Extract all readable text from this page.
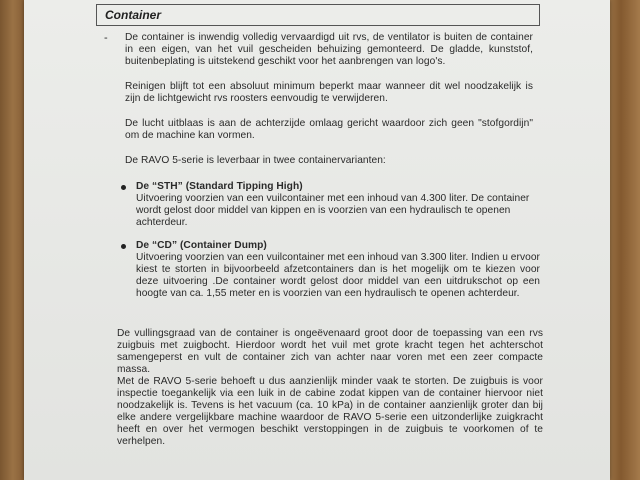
Container
- De container is inwendig volledig vervaardigd uit rvs, de ventilator is buiten de container in een eigen, van het vuil gescheiden behuizing gemonteerd. De gladde, kunststof, buitenbeplating is uitstekend geschikt voor het aanbrengen van logo's.
Reinigen blijft tot een absoluut minimum beperkt maar wanneer dit wel noodzakelijk is zijn de lichtgewicht rvs roosters eenvoudig te verwijderen.
De lucht uitblaas is aan de achterzijde omlaag gericht waardoor zich geen "stofgordijn" om de machine kan vormen.
De RAVO 5-serie is leverbaar in twee containervarianten:
De “STH” (Standard Tipping High)
Uitvoering voorzien van een vuilcontainer met een inhoud van 4.300 liter. De container wordt gelost door middel van kippen en is voorzien van een hydraulisch te openen achterdeur.
De “CD” (Container Dump)
Uitvoering voorzien van een vuilcontainer met een inhoud van 3.300 liter. Indien u ervoor kiest te storten in bijvoorbeeld afzetcontainers dan is het mogelijk om te kiezen voor deze uitvoering .De container wordt gelost door middel van een uitdrukschot op een hoogte van ca. 1,55 meter en is voorzien van een hydraulisch te openen achterdeur.
De vullingsgraad van de container is ongeëvenaard groot door de toepassing van een rvs zuigbuis met zuigbocht. Hierdoor wordt het vuil met grote kracht tegen het achterschot samengeperst en vult de container zich van achter naar voren met een zeer compacte massa.
Met de RAVO 5-serie behoeft u dus aanzienlijk minder vaak te storten. De zuigbuis is voor inspectie toegankelijk via een luik in de cabine zodat kippen van de container hiervoor niet noodzakelijk is. Tevens is het vacuum (ca. 10 kPa) in de container aanzienlijk groter dan bij elke andere vergelijkbare machine waardoor de RAVO 5-serie een uitzonderlijke zuigkracht heeft en over het vermogen beschikt verstoppingen in de zuigbuis te voorkomen of te verhelpen.
